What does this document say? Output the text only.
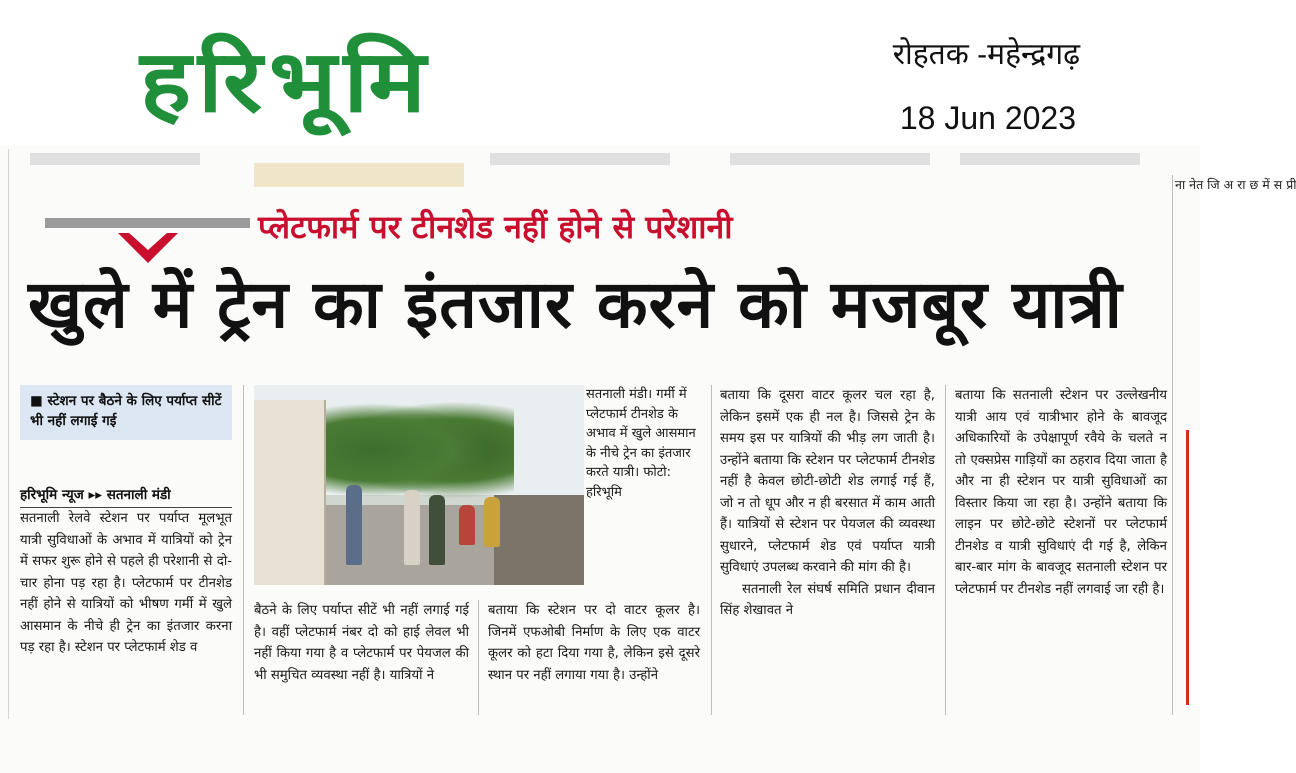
हरिभूमि	रोहतक -महेन्द्रगढ़
18 Jun 2023
प्लेटफार्म पर टीनशेड नहीं होने से परेशानी
खुले में ट्रेन का इंतजार करने को मजबूर यात्री
■ स्टेशन पर बैठने के लिए पर्याप्त सीटें भी नहीं लगाई गई
हरिभूमि न्यूज ▸▸ सतनाली मंडी

सतनाली रेलवे स्टेशन पर पर्याप्त मूलभूत यात्री सुविधाओं के अभाव में यात्रियों को ट्रेन में सफर शुरू होने से पहले ही परेशानी से दो-चार होना पड़ रहा है। प्लेटफार्म पर टीनशेड नहीं होने से यात्रियों को भीषण गर्मी में खुले आसमान के नीचे ही ट्रेन का इंतजार करना पड़ रहा है। स्टेशन पर प्लेटफार्म शेड व

सतनाली मंडी। गर्मी में प्लेटफार्म टीनशेड के अभाव में खुले आसमान के नीचे ट्रेन का इंतजार करते यात्री। फोटो: हरिभूमि

बैठने के लिए पर्याप्त सीटें भी नहीं लगाई गई है। वहीं प्लेटफार्म नंबर दो को हाई लेवल भी नहीं किया गया है व प्लेटफार्म पर पेयजल की भी समुचित व्यवस्था नहीं है। यात्रियों ने

बताया कि स्टेशन पर दो वाटर कूलर है। जिनमें एफओबी निर्माण के लिए एक वाटर कूलर को हटा दिया गया है, लेकिन इसे दूसरे स्थान पर नहीं लगाया गया है। उन्होंने

बताया कि दूसरा वाटर कूलर चल रहा है, लेकिन इसमें एक ही नल है। जिससे ट्रेन के समय इस पर यात्रियों की भीड़ लग जाती है। उन्होंने बताया कि स्टेशन पर प्लेटफार्म टीनशेड नहीं है केवल छोटी-छोटी शेड लगाई गई हैं, जो न तो धूप और न ही बरसात में काम आती हैं। यात्रियों से स्टेशन पर पेयजल की व्यवस्था सुधारने, प्लेटफार्म शेड एवं पर्याप्त यात्री सुविधाएं उपलब्ध करवाने की मांग की है।

सतनाली रेल संघर्ष समिति प्रधान दीवान सिंह शेखावत ने

बताया कि सतनाली स्टेशन पर उल्लेखनीय यात्री आय एवं यात्रीभार होने के बावजूद अधिकारियों के उपेक्षापूर्ण रवैये के चलते न तो एक्सप्रेस गाड़ियों का ठहराव दिया जाता है और ना ही स्टेशन पर यात्री सुविधाओं का विस्तार किया जा रहा है। उन्होंने बताया कि लाइन पर छोटे-छोटे स्टेशनों पर प्लेटफार्म टीनशेड व यात्री सुविधाएं दी गई है, लेकिन बार-बार मांग के बावजूद सतनाली स्टेशन पर प्लेटफार्म पर टीनशेड नहीं लगवाई जा रही है।

ना नेत जि अ रा छ में स प्री
